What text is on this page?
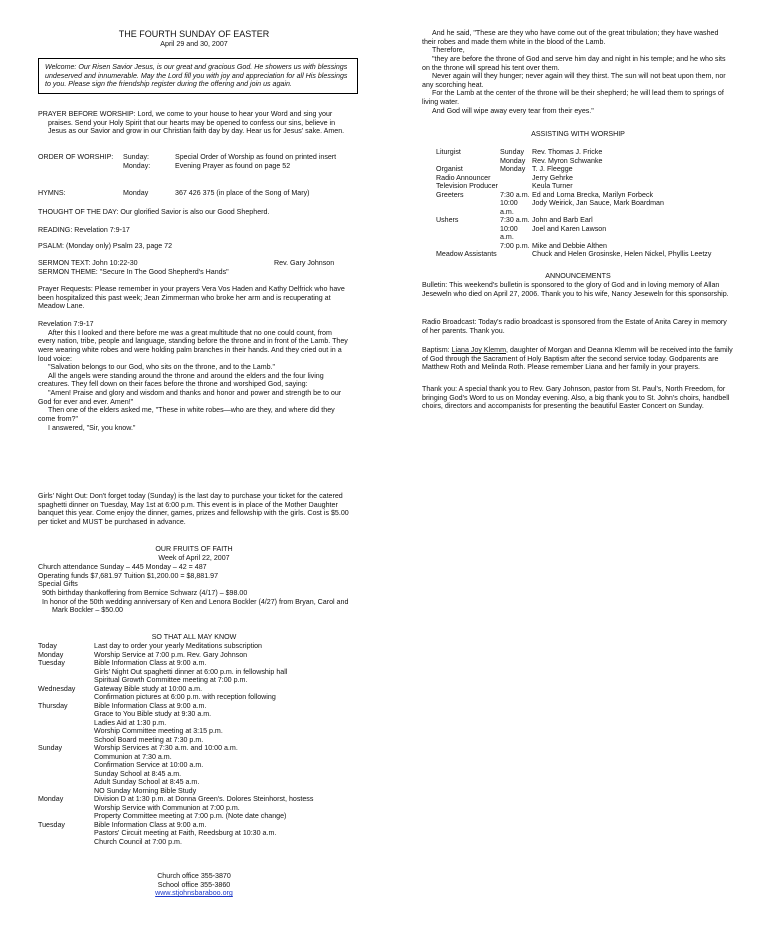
THE FOURTH SUNDAY OF EASTER
April 29 and 30, 2007
Welcome: Our Risen Savior Jesus, is our great and gracious God. He showers us with blessings undeserved and innumerable. May the Lord fill you with joy and appreciation for all His blessings to you. Please sign the friendship register during the offering and join us again.
PRAYER BEFORE WORSHIP: Lord, we come to your house to hear your Word and sing your praises. Send your Holy Spirit that our hearts may be opened to confess our sins, believe in Jesus as our Savior and grow in our Christian faith day by day. Hear us for Jesus' sake. Amen.
ORDER OF WORSHIP:	Sunday:	Special Order of Worship as found on printed insert
Monday:	Evening Prayer as found on page 52
HYMNS:	Monday	367 426 375 (in place of the Song of Mary)
THOUGHT OF THE DAY: Our glorified Savior is also our Good Shepherd.
READING: Revelation 7:9-17
PSALM: (Monday only) Psalm 23, page 72
SERMON TEXT: John 10:22-30	Rev. Gary Johnson
SERMON THEME: "Secure In The Good Shepherd's Hands"
Prayer Requests: Please remember in your prayers Vera Vos Haden and Kathy Delfrick who have been hospitalized this past week; Jean Zimmerman who broke her arm and is recuperating at Meadow Lane.

Revelation 7:9-17

After this I looked and there before me was a great multitude that no one could count, from every nation, tribe, people and language, standing before the throne and in front of the Lamb. They were wearing white robes and were holding palm branches in their hands. And they cried out in a loud voice:

"Salvation belongs to our God, who sits on the throne, and to the Lamb."

All the angels were standing around the throne and around the elders and the four living creatures. They fell down on their faces before the throne and worshiped God, saying:

"Amen! Praise and glory and wisdom and thanks and honor and power and strength be to our God for ever and ever. Amen!"

Then one of the elders asked me, "These in white robes—who are they, and where did they come from?"

I answered, "Sir, you know."

Girls' Night Out: Don't forget today (Sunday) is the last day to purchase your ticket for the catered spaghetti dinner on Tuesday, May 1st at 6:00 p.m. This event is in place of the Mother Daughter banquet this year. Come enjoy the dinner, games, prizes and fellowship with the girls. Cost is $5.00 per ticket and MUST be purchased in advance.
OUR FRUITS OF FAITH
Week of April 22, 2007

Church attendance Sunday – 445 Monday – 42 = 487

Operating funds $7,681.97 Tuition $1,200.00 = $8,881.97

Special Gifts

90th birthday thankoffering from Bernice Schwarz (4/17) – $98.00

In honor of the 50th wedding anniversary of Ken and Lenora Bockler (4/27) from Bryan, Carol and Mark Bockler – $50.00

SO THAT ALL MAY KNOW
Today	Last day to order your yearly Meditations subscription
Monday	Worship Service at 7:00 p.m. Rev. Gary Johnson
Tuesday	Bible Information Class at 9:00 a.m.
	Girls' Night Out spaghetti dinner at 6:00 p.m. in fellowship hall
	Spiritual Growth Committee meeting at 7:00 p.m.
Wednesday	Gateway Bible study at 10:00 a.m.
	Confirmation pictures at 6:00 p.m. with reception following
Thursday	Bible Information Class at 9:00 a.m.
	Grace to You Bible study at 9:30 a.m.
	Ladies Aid at 1:30 p.m.
	Worship Committee meeting at 3:15 p.m.
	School Board meeting at 7:30 p.m.
Sunday	Worship Services at 7:30 a.m. and 10:00 a.m.
	Communion at 7:30 a.m.
	Confirmation Service at 10:00 a.m.
	Sunday School at 8:45 a.m.
	Adult Sunday School at 8:45 a.m.
	NO Sunday Morning Bible Study
Monday	Division D at 1:30 p.m. at Donna Green's. Dolores Steinhorst, hostess
	Worship Service with Communion at 7:00 p.m.
	Property Committee meeting at 7:00 p.m. (Note date change)
Tuesday	Bible Information Class at 9:00 a.m.
	Pastors' Circuit meeting at Faith, Reedsburg at 10:30 a.m.
	Church Council at 7:00 p.m.

Church office 355-3870

School office 355-3860

www.stjohnsbaraboo.org

And he said, "These are they who have come out of the great tribulation; they have washed their robes and made them white in the blood of the Lamb.

Therefore,

"they are before the throne of God and serve him day and night in his temple; and he who sits on the throne will spread his tent over them.

Never again will they hunger; never again will they thirst. The sun will not beat upon them, nor any scorching heat.

For the Lamb at the center of the throne will be their shepherd; he will lead them to springs of living water.

And God will wipe away every tear from their eyes."

ASSISTING WITH WORSHIP
Liturgist	Sunday	Rev. Thomas J. Fricke
	Monday	Rev. Myron Schwanke
Organist	Monday	T. J. Fleegge
Radio Announcer		Jerry Gehrke
Television Producer		Keula Turner
Greeters	7:30 a.m.	Ed and Lorna Brecka, Marilyn Forbeck
	10:00 a.m.	Jody Weirick, Jan Sauce, Mark Boardman
Ushers	7:30 a.m.	John and Barb Earl
	10:00 a.m.	Joel and Karen Lawson
	7:00 p.m.	Mike and Debbie Althen
Meadow Assistants		Chuck and Helen Grosinske, Helen Nickel, Phyllis Leetzy
ANNOUNCEMENTS
Bulletin: This weekend's bulletin is sponsored to the glory of God and in loving memory of Allan Jeseweln who died on April 27, 2006. Thank you to his wife, Nancy Jeseweln for this sponsorship.
Radio Broadcast: Today's radio broadcast is sponsored from the Estate of Anita Carey in memory of her parents. Thank you.
Baptism: Liana Joy Klemm, daughter of Morgan and Deanna Klemm will be received into the family of God through the Sacrament of Holy Baptism after the second service today. Godparents are Matthew Roth and Melinda Roth. Please remember Liana and her family in your prayers.
Thank you: A special thank you to Rev. Gary Johnson, pastor from St. Paul's, North Freedom, for bringing God's Word to us on Monday evening. Also, a big thank you to St. John's choirs, handbell choirs, directors and accompanists for presenting the beautiful Easter Concert on Sunday.
